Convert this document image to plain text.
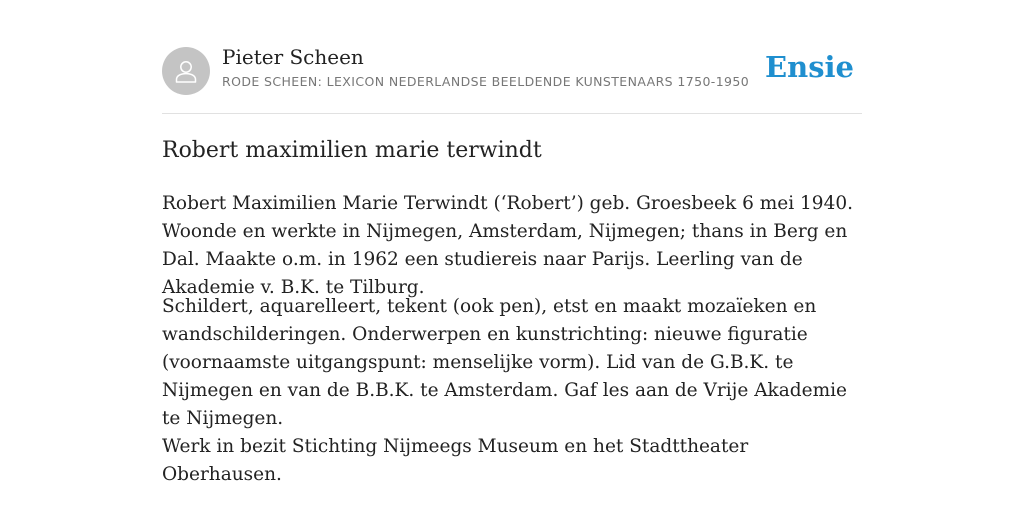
Pieter Scheen
RODE SCHEEN: LEXICON NEDERLANDSE BEELDENDE KUNSTENAARS 1750-1950 Ensie
Robert maximilien marie terwindt

Robert Maximilien Marie Terwindt (‘Robert’) geb. Groesbeek 6 mei 1940. Woonde en werkte in Nijmegen, Amsterdam, Nijmegen; thans in Berg en Dal. Maakte o.m. in 1962 een studiereis naar Parijs. Leerling van de Akademie v. B.K. te Tilburg.

Schildert, aquarelleert, tekent (ook pen), etst en maakt mozaïeken en wandschilderingen. Onderwerpen en kunstrichting: nieuwe figuratie (voornaamste uitgangspunt: menselijke vorm). Lid van de G.B.K. te Nijmegen en van de B.B.K. te Amsterdam. Gaf les aan de Vrije Akademie te Nijmegen.

Werk in bezit Stichting Nijmeegs Museum en het Stadttheater Oberhausen.
